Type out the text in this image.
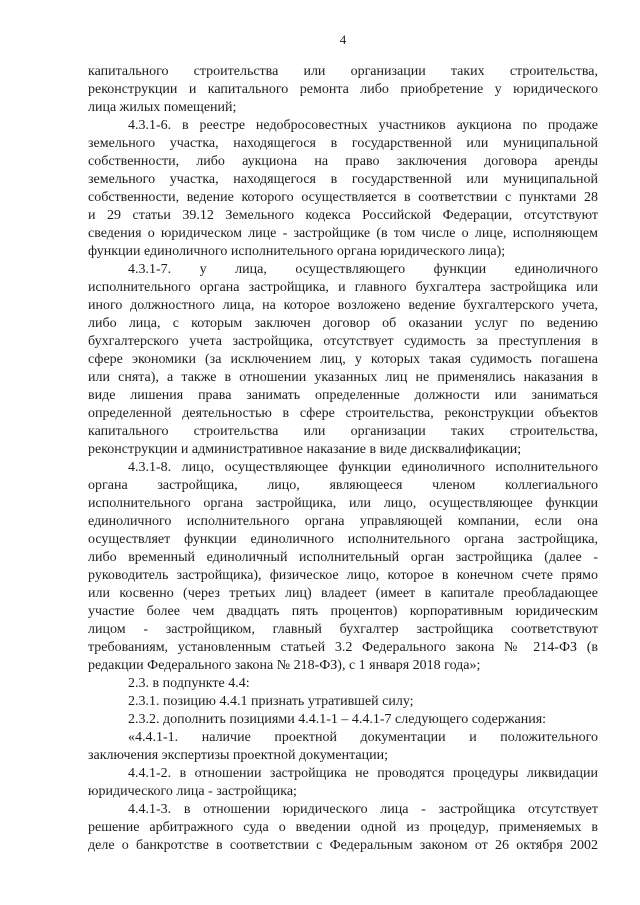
4
капитального строительства или организации таких строительства,
реконструкции и капитального ремонта либо приобретение у юридического
лица жилых помещений;
4.3.1-6. в реестре недобросовестных участников аукциона по продаже
земельного участка, находящегося в государственной или муниципальной
собственности, либо аукциона на право заключения договора аренды
земельного участка, находящегося в государственной или муниципальной
собственности, ведение которого осуществляется в соответствии с пунктами 28
и 29 статьи 39.12 Земельного кодекса Российской Федерации, отсутствуют
сведения о юридическом лице - застройщике (в том числе о лице, исполняющем
функции единоличного исполнительного органа юридического лица);
4.3.1-7. у лица, осуществляющего функции единоличного
исполнительного органа застройщика, и главного бухгалтера застройщика или
иного должностного лица, на которое возложено ведение бухгалтерского учета,
либо лица, с которым заключен договор об оказании услуг по ведению
бухгалтерского учета застройщика, отсутствует судимость за преступления в
сфере экономики (за исключением лиц, у которых такая судимость погашена
или снята), а также в отношении указанных лиц не применялись наказания в
виде лишения права занимать определенные должности или заниматься
определенной деятельностью в сфере строительства, реконструкции объектов
капитального строительства или организации таких строительства,
реконструкции и административное наказание в виде дисквалификации;
4.3.1-8. лицо, осуществляющее функции единоличного исполнительного
органа застройщика, лицо, являющееся членом коллегиального
исполнительного органа застройщика, или лицо, осуществляющее функции
единоличного исполнительного органа управляющей компании, если она
осуществляет функции единоличного исполнительного органа застройщика,
либо временный единоличный исполнительный орган застройщика (далее -
руководитель застройщика), физическое лицо, которое в конечном счете прямо
или косвенно (через третьих лиц) владеет (имеет в капитале преобладающее
участие более чем двадцать пять процентов) корпоративным юридическим
лицом - застройщиком, главный бухгалтер застройщика соответствуют
требованиям, установленным статьей 3.2 Федерального закона № 214-ФЗ (в
редакции Федерального закона № 218-ФЗ), с 1 января 2018 года»;
2.3. в подпункте 4.4:
2.3.1. позицию 4.4.1 признать утратившей силу;
2.3.2. дополнить позициями 4.4.1-1 – 4.4.1-7 следующего содержания:
«4.4.1-1. наличие проектной документации и положительного
заключения экспертизы проектной документации;
4.4.1-2. в отношении застройщика не проводятся процедуры ликвидации
юридического лица - застройщика;
4.4.1-3. в отношении юридического лица - застройщика отсутствует
решение арбитражного суда о введении одной из процедур, применяемых в
деле о банкротстве в соответствии с Федеральным законом от 26 октября 2002
